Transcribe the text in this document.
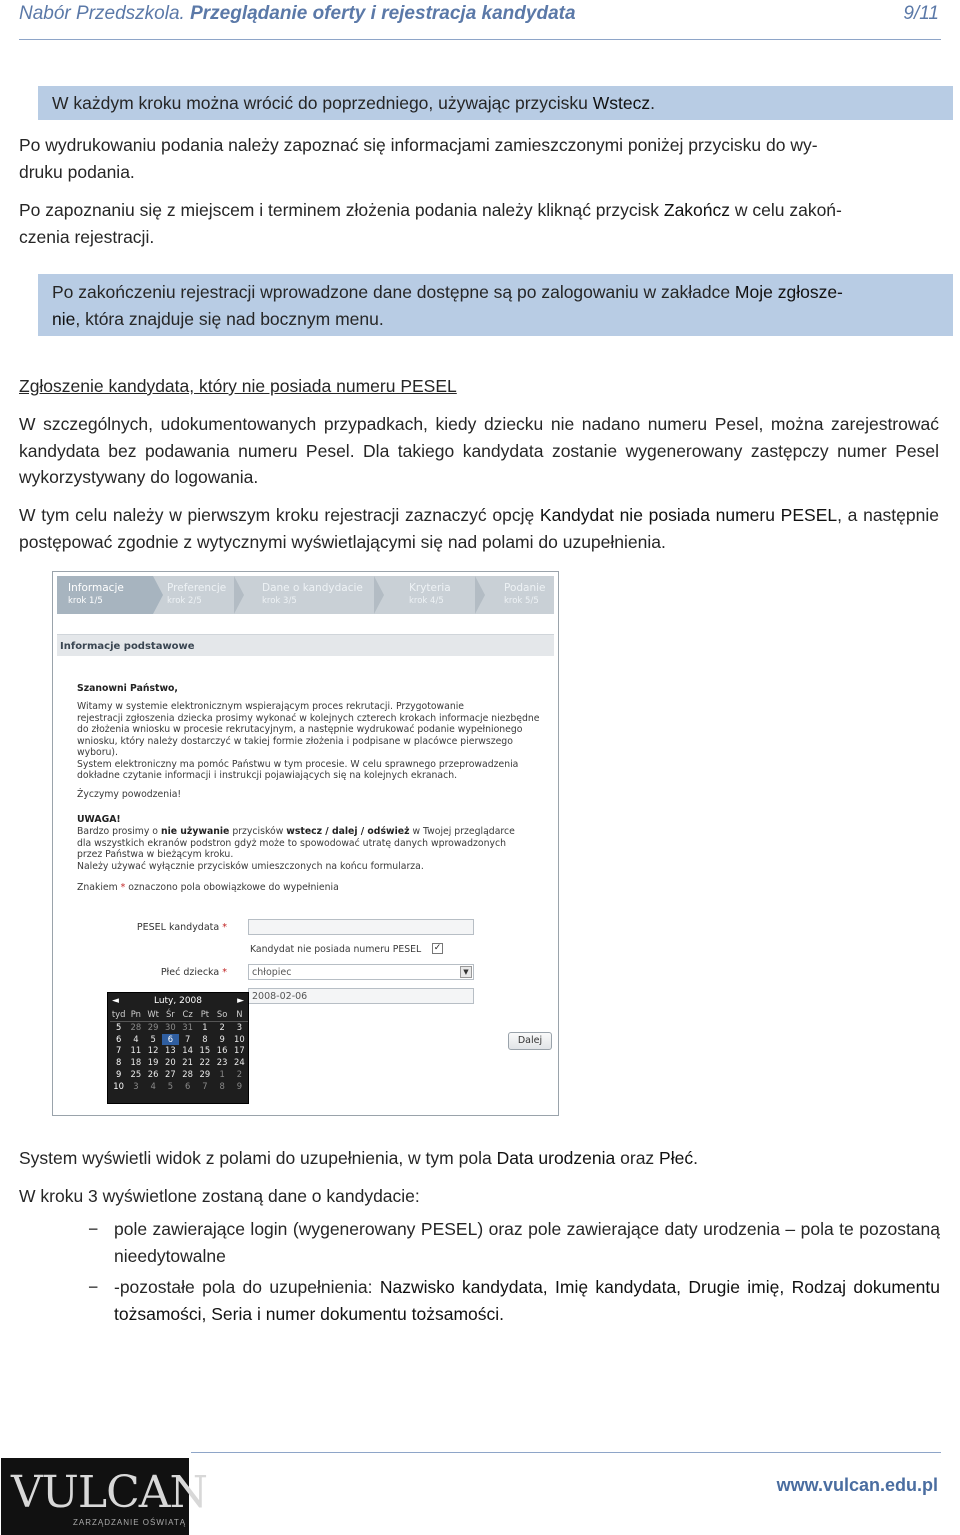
Nabór Przedszkola. Przeglądanie oferty i rejestracja kandydata	9/11
W każdym kroku można wrócić do poprzedniego, używając przycisku Wstecz.
Po wydrukowaniu podania należy zapoznać się informacjami zamieszczonymi poniżej przycisku do wy-
druku podania.
Po zapoznaniu się z miejscem i terminem złożenia podania należy kliknąć przycisk Zakończ w celu zakoń-
czenia rejestracji.
Po zakończeniu rejestracji wprowadzone dane dostępne są po zalogowaniu w zakładce Moje zgłosze-
nie, która znajduje się nad bocznym menu.
Zgłoszenie kandydata, który nie posiada numeru PESEL
W szczególnych, udokumentowanych przypadkach, kiedy dziecku nie nadano numeru Pesel, można zarejestrować kandydata bez podawania numeru Pesel. Dla takiego kandydata zostanie wygenerowany zastępczy numer Pesel wykorzystywany do logowania.
W tym celu należy w pierwszym kroku rejestracji zaznaczyć opcję Kandydat nie posiada numeru PESEL, a następnie postępować zgodnie z wytycznymi wyświetlającymi się nad polami do uzupełnienia.
Informacje
krok 1/5
Preferencje
krok 2/5
Dane o kandydacie
krok 3/5
Kryteria
krok 4/5
Podanie
krok 5/5
Informacje podstawowe
Szanowni Państwo,
Witamy w systemie elektronicznym wspierającym proces rekrutacji. Przygotowanie
rejestracji zgłoszenia dziecka prosimy wykonać w kolejnych czterech krokach informacje niezbędne
do złożenia wniosku w procesie rekrutacyjnym, a następnie wydrukować podanie wypełnionego
wniosku, który należy dostarczyć w takiej formie złożenia i podpisane w placówce pierwszego
wyboru).
System elektroniczny ma pomóc Państwu w tym procesie. W celu sprawnego przeprowadzenia
dokładne czytanie informacji i instrukcji pojawiających się na kolejnych ekranach.
Życzymy powodzenia!
UWAGA!
Bardzo prosimy o nie używanie przycisków wstecz / dalej / odśwież w Twojej przeglądarce
dla wszystkich ekranów podstron gdyż może to spowodować utratę danych wprowadzonych
przez Państwa w bieżącym kroku.
Należy używać wyłącznie przycisków umieszczonych na końcu formularza.
Znakiem * oznaczono pola obowiązkowe do wypełnienia
PESEL kandydata *
Kandydat nie posiada numeru PESEL ✓
Płeć dziecka *	chłopiec	▼
2008-02-06
Dalej
◄	Luty, 2008	►
tyd	Pn	Wt	Śr	Cz	Pt	So	N
5	28	29	30	31	1	2	3
6	4	5	6	7	8	9	10
7	11	12	13	14	15	16	17
8	18	19	20	21	22	23	24
9	25	26	27	28	29	1	2
10	3	4	5	6	7	8	9
System wyświetli widok z polami do uzupełnienia, w tym pola Data urodzenia oraz Płeć.
W kroku 3 wyświetlone zostaną dane o kandydacie:
− pole zawierające login (wygenerowany PESEL) oraz pole zawierające daty urodzenia – pola te pozostaną nieedytowalne
− -pozostałe pola do uzupełnienia: Nazwisko kandydata, Imię kandydata, Drugie imię, Rodzaj dokumentu tożsamości, Seria i numer dokumentu tożsamości.
VULCAN
ZARZĄDZANIE OŚWIATĄ
www.vulcan.edu.pl
